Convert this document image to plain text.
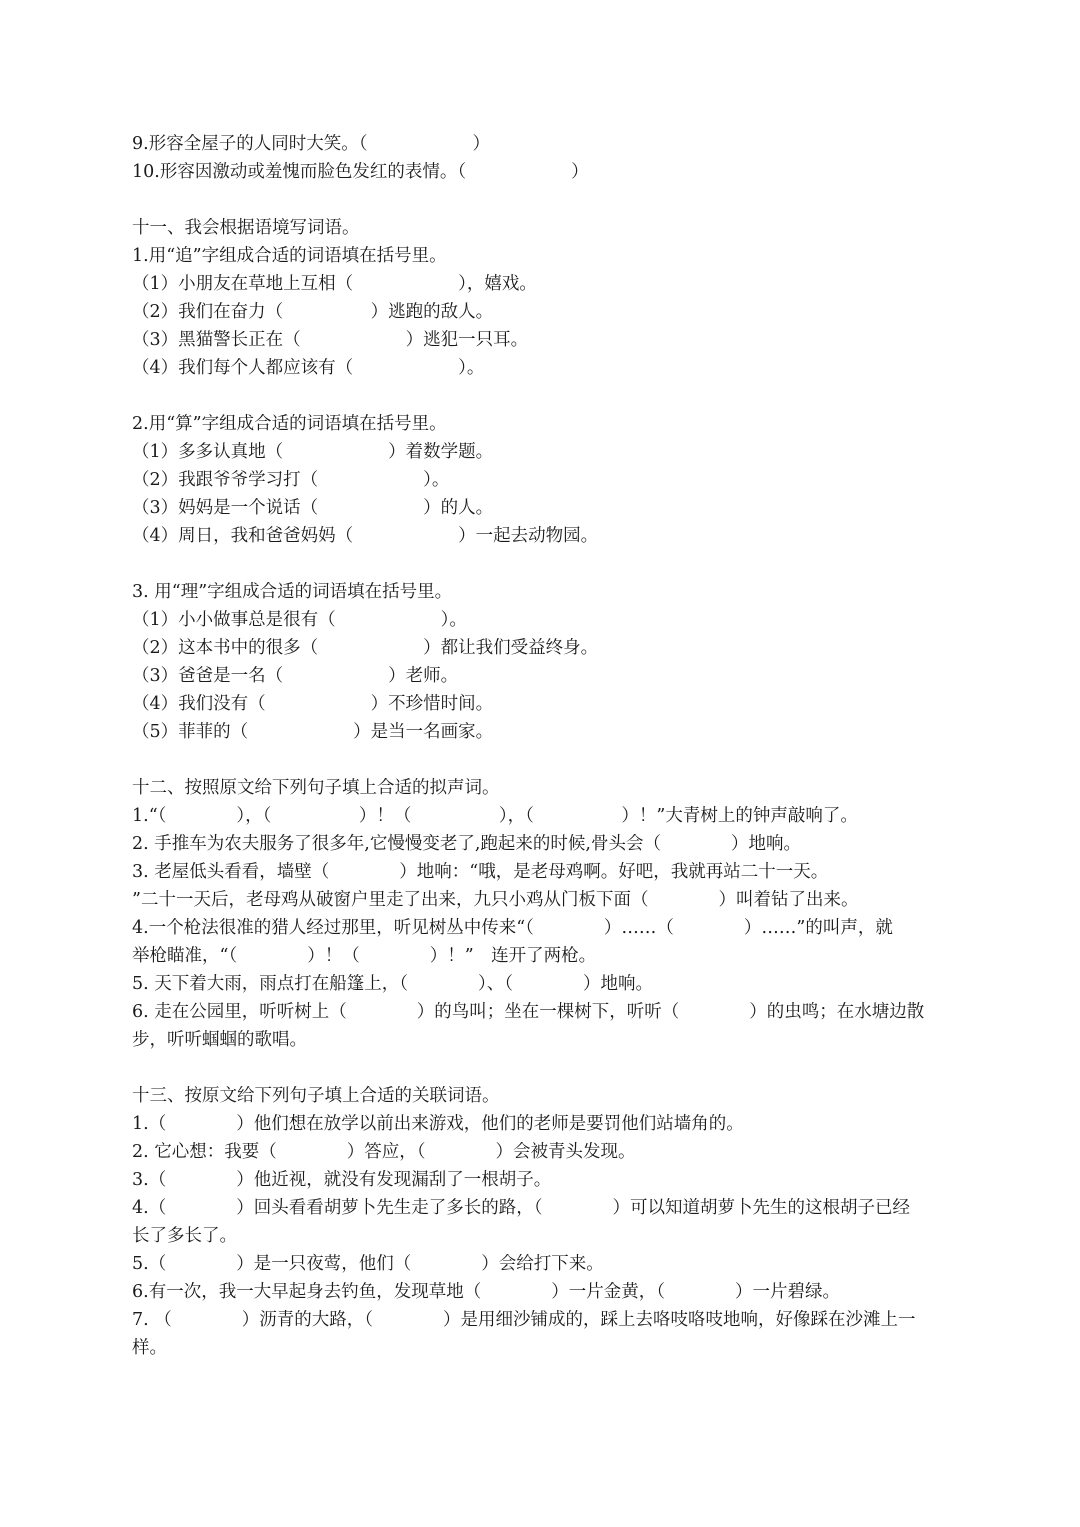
9.形容全屋子的人同时大笑。（　　　　　　）
10.形容因激动或羞愧而脸色发红的表情。（　　　　　　）
十一、我会根据语境写词语。
1.用“追”字组成合适的词语填在括号里。
（1）小朋友在草地上互相（　　　　　　），嬉戏。
（2）我们在奋力（　　　　　）逃跑的敌人。
（3）黑猫警长正在（　　　　　　）逃犯一只耳。
（4）我们每个人都应该有（　　　　　　）。
2.用“算”字组成合适的词语填在括号里。
（1）多多认真地（　　　　　　）着数学题。
（2）我跟爷爷学习打（　　　　　　）。
（3）妈妈是一个说话（　　　　　　）的人。
（4）周日，我和爸爸妈妈（　　　　　　）一起去动物园。
3. 用“理”字组成合适的词语填在括号里。
（1）小小做事总是很有（　　　　　　）。
（2）这本书中的很多（　　　　　　）都让我们受益终身。
（3）爸爸是一名（　　　　　　）老师。
（4）我们没有（　　　　　　）不珍惜时间。
（5）菲菲的（　　　　　　）是当一名画家。
十二、按照原文给下列句子填上合适的拟声词。
1.“（　　　　），（　　　　　）！（　　　　　），（　　　　　）！”大青树上的钟声敲响了。
2. 手推车为农夫服务了很多年,它慢慢变老了,跑起来的时候,骨头会（　　　　）地响。
3. 老屋低头看看，墙壁（　　　　）地响：“哦，是老母鸡啊。好吧，我就再站二十一天。
”二十一天后，老母鸡从破窗户里走了出来，九只小鸡从门板下面（　　　　）叫着钻了出来。
4.一个枪法很准的猎人经过那里，听见树丛中传来“（　　　　）……（　　　　）……”的叫声，就
举枪瞄准，“（　　　　）！（　　　　）！”　连开了两枪。
5. 天下着大雨，雨点打在船篷上，（　　　　）、（　　　　）地响。
6. 走在公园里，听听树上（　　　　）的鸟叫；坐在一棵树下，听听（　　　　）的虫鸣；在水塘边散
步，听听蝈蝈的歌唱。
十三、按原文给下列句子填上合适的关联词语。
1.（　　　　）他们想在放学以前出来游戏，他们的老师是要罚他们站墙角的。
2. 它心想：我要（　　　　）答应，（　　　　）会被青头发现。
3.（　　　　）他近视，就没有发现漏刮了一根胡子。
4.（　　　　）回头看看胡萝卜先生走了多长的路，（　　　　）可以知道胡萝卜先生的这根胡子已经
长了多长了。
5.（　　　　）是一只夜莺，他们（　　　　）会给打下来。
6.有一次，我一大早起身去钓鱼，发现草地（　　　　）一片金黄，（　　　　）一片碧绿。
7. （　　　　）沥青的大路，（　　　　）是用细沙铺成的，踩上去咯吱咯吱地响，好像踩在沙滩上一
样。
